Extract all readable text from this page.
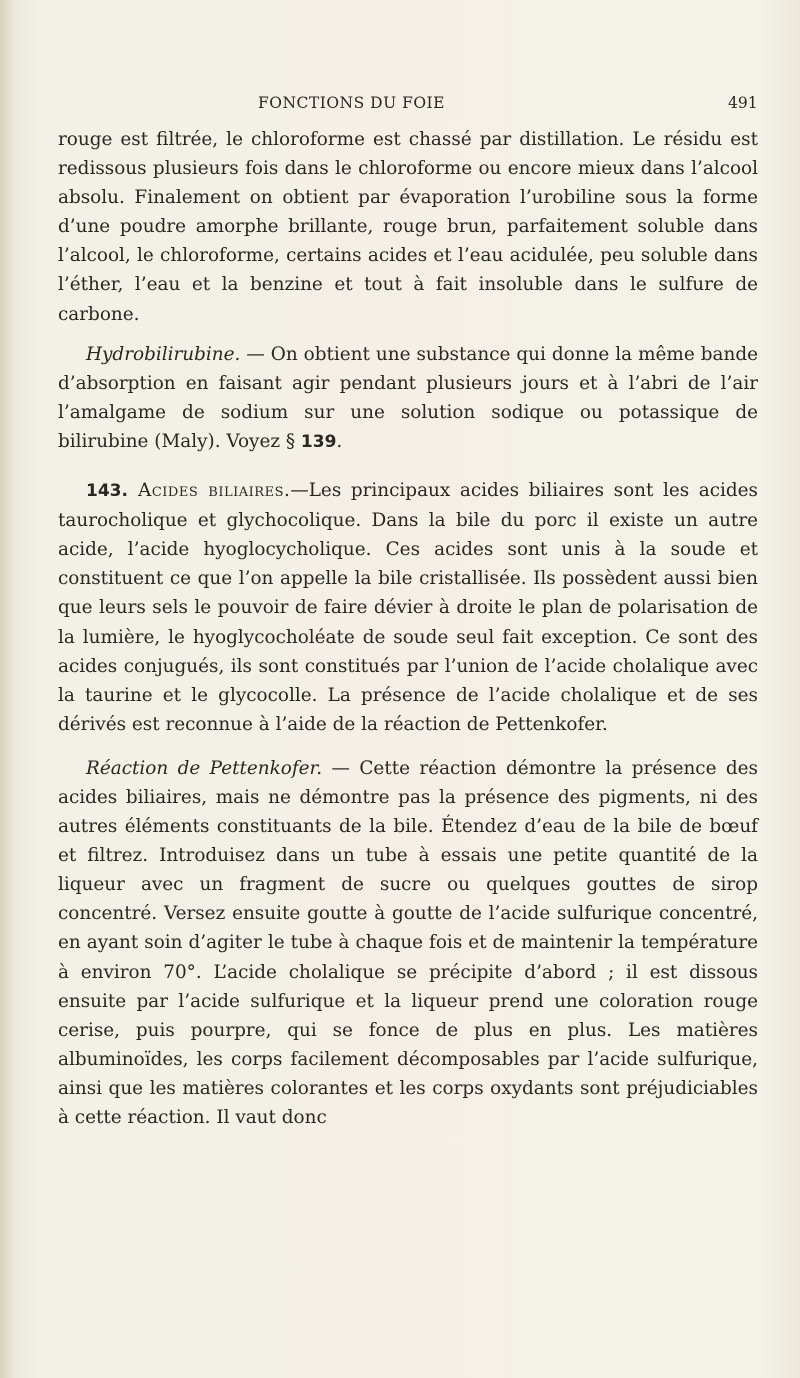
FONCTIONS DU FOIE	491

rouge est filtrée, le chloroforme est chassé par distillation. Le résidu est redissous plusieurs fois dans le chloroforme ou encore mieux dans l’alcool absolu. Finalement on obtient par évaporation l’urobiline sous la forme d’une poudre amorphe brillante, rouge brun, parfaitement soluble dans l’alcool, le chloroforme, certains acides et l’eau acidulée, peu soluble dans l’éther, l’eau et la benzine et tout à fait insoluble dans le sulfure de carbone.

Hydrobilirubine. — On obtient une substance qui donne la même bande d’absorption en faisant agir pendant plusieurs jours et à l’abri de l’air l’amalgame de sodium sur une solution sodique ou potassique de bilirubine (Maly). Voyez § 139.

143. Acides biliaires.—Les principaux acides biliaires sont les acides taurocholique et glychocolique. Dans la bile du porc il existe un autre acide, l’acide hyoglocycholique. Ces acides sont unis à la soude et constituent ce que l’on appelle la bile cristallisée. Ils possèdent aussi bien que leurs sels le pouvoir de faire dévier à droite le plan de polarisation de la lumière, le hyoglycocholéate de soude seul fait exception. Ce sont des acides conjugués, ils sont constitués par l’union de l’acide cholalique avec la taurine et le glycocolle. La présence de l’acide cholalique et de ses dérivés est reconnue à l’aide de la réaction de Pettenkofer.

Réaction de Pettenkofer. — Cette réaction démontre la présence des acides biliaires, mais ne démontre pas la présence des pigments, ni des autres éléments constituants de la bile. Étendez d’eau de la bile de bœuf et filtrez. Introduisez dans un tube à essais une petite quantité de la liqueur avec un fragment de sucre ou quelques gouttes de sirop concentré. Versez ensuite goutte à goutte de l’acide sulfurique concentré, en ayant soin d’agiter le tube à chaque fois et de maintenir la température à environ 70°. L’acide cholalique se précipite d’abord ; il est dissous ensuite par l’acide sulfurique et la liqueur prend une coloration rouge cerise, puis pourpre, qui se fonce de plus en plus. Les matières albuminoïdes, les corps facilement décomposables par l’acide sulfurique, ainsi que les matières colorantes et les corps oxydants sont préjudiciables à cette réaction. Il vaut donc
